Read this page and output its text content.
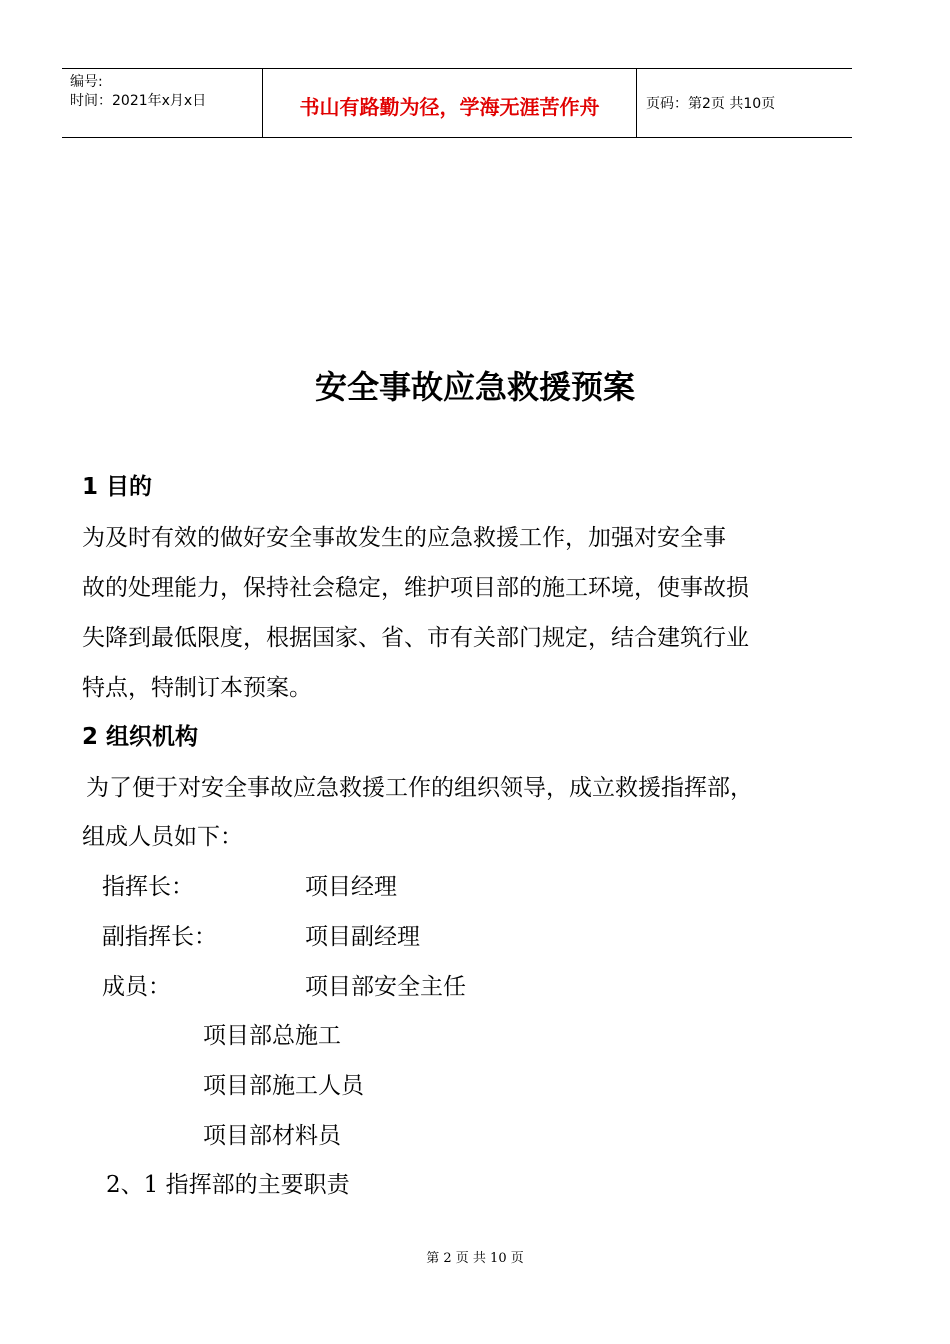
编号:
时间：2021年x月x日	书山有路勤为径，学海无涯苦作舟	页码：第2页 共10页
安全事故应急救援预案
1 目的
为及时有效的做好安全事故发生的应急救援工作，加强对安全事
故的处理能力，保持社会稳定，维护项目部的施工环境，使事故损
失降到最低限度，根据国家、省、市有关部门规定，结合建筑行业
特点，特制订本预案。
2 组织机构
为了便于对安全事故应急救援工作的组织领导，成立救援指挥部，
组成人员如下：
指挥长：	项目经理
副指挥长：	项目副经理
成员：	项目部安全主任
项目部总施工
项目部施工人员
项目部材料员
2、1 指挥部的主要职责
第 2 页 共 10 页
